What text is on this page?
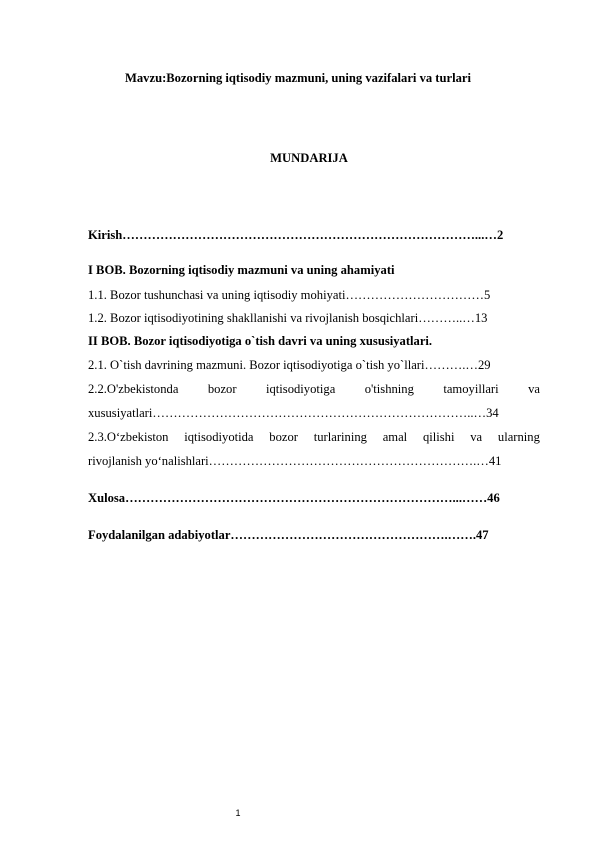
Mavzu:Bozorning iqtisodiy mazmuni, uning vazifalari va turlari
MUNDARIJA
Kirish…………………………………………………………………………...…2
I BOB. Bozorning iqtisodiy mazmuni va uning ahamiyati
1.1. Bozor tushunchasi va uning iqtisodiy mohiyati……………………………5
1.2. Bozor iqtisodiyotining shakllanishi va rivojlanish bosqichlari………..…13
II BOB. Bozor iqtisodiyotiga o`tish davri va uning xususiyatlari.
2.1. O`tish davrining mazmuni. Bozor iqtisodiyotiga o`tish yo`llari……….…29
2.2.O'zbekistonda bozor iqtisodiyotiga o'tishning tamoyillari va
xususiyatlari…………………………………………………………………..…34
2.3.O‘zbekiston iqtisodiyotida bozor turlarining amal qilishi va ularning
rivojlanish yo‘nalishlari……………………………………………………….…41
Xulosa……………………………………………………………………...……46
Foydalanilgan adabiyotlar…………………………………………….…….47
1
